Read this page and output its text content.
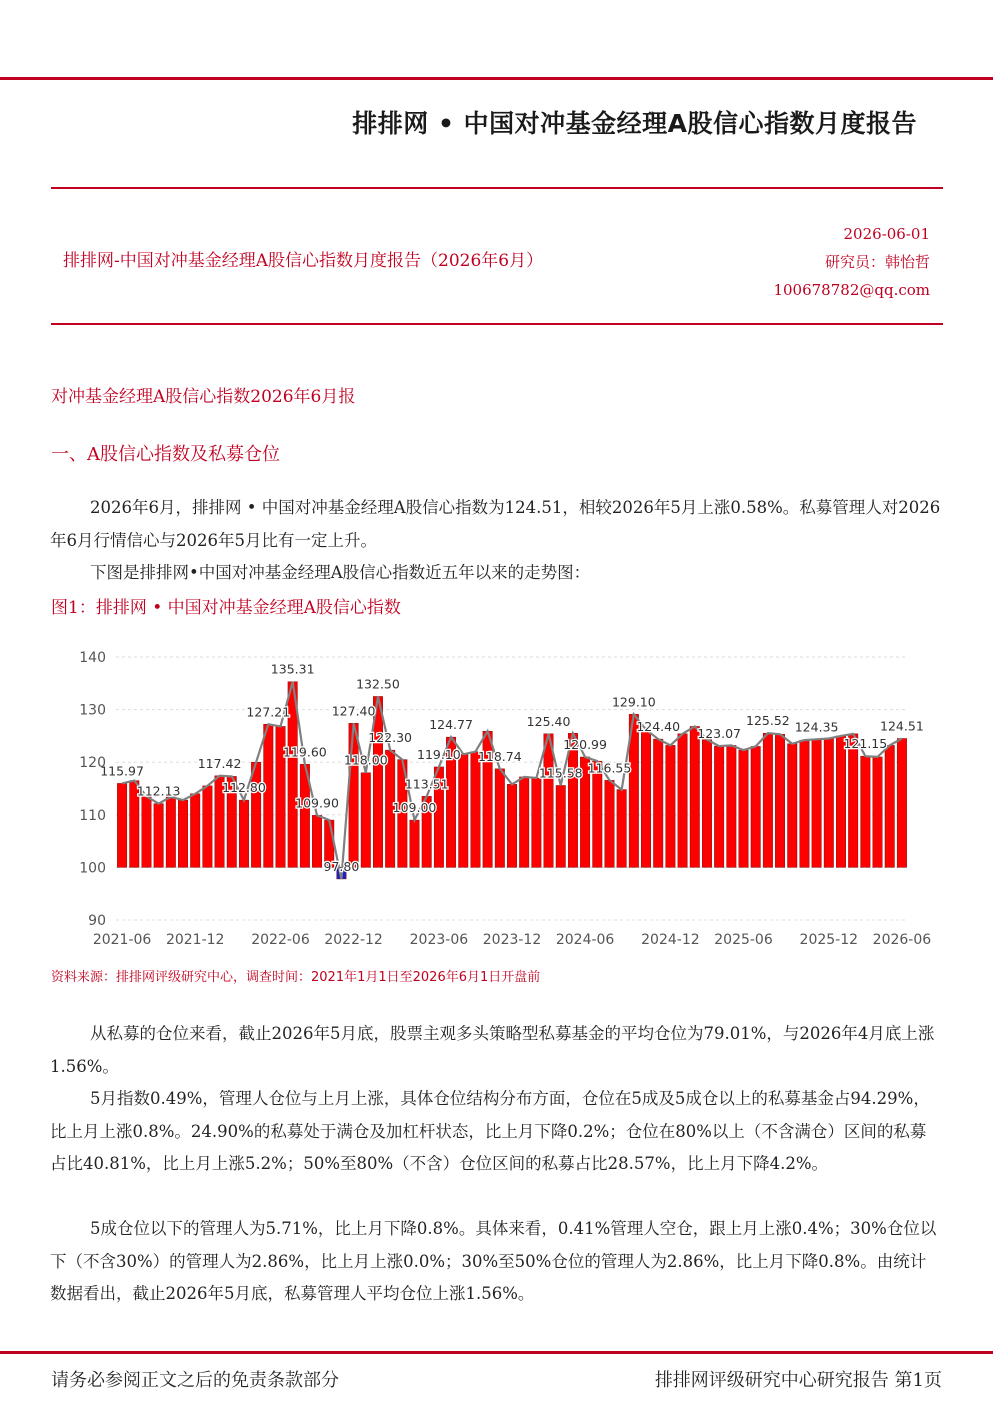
排排网 • 中国对冲基金经理A股信心指数月度报告
排排网-中国对冲基金经理A股信心指数月度报告（2026年6月）
2026-06-01
研究员：韩怡哲
100678782@qq.com
对冲基金经理A股信心指数2026年6月报
一、A股信心指数及私募仓位

2026年6月，排排网 • 中国对冲基金经理A股信心指数为124.51，相较2026年5月上涨0.58%。私募管理人对2026年6月行情信心与2026年5月比有一定上升。

下图是排排网•中国对冲基金经理A股信心指数近五年以来的走势图：

图1：排排网 • 中国对冲基金经理A股信心指数
115.97
112.13
117.42
112.80
127.21
135.31
119.60
109.90
97.80
127.40
118.00
132.50
122.30
109.00
113.51
119.10
124.77
118.74
125.40
115.58
120.99
116.55
129.10
124.40 123.07
125.52 124.35
121.15
124.51
90
100
110
120
130
140
2021-06 2021-12 2022-06 2022-12 2023-06 2023-12 2024-06 2024-12 2025-06 2025-12 2026-06
资料来源：排排网评级研究中心，调查时间：2021年1月1日至2026年6月1日开盘前

从私募的仓位来看，截止2026年5月底，股票主观多头策略型私募基金的平均仓位为79.01%，与2026年4月底上涨1.56%。

5月指数0.49%，管理人仓位与上月上涨，具体仓位结构分布方面，仓位在5成及5成仓以上的私募基金占94.29%，比上月上涨0.8%。24.90%的私募处于满仓及加杠杆状态，比上月下降0.2%；仓位在80%以上（不含满仓）区间的私募占比40.81%，比上月上涨5.2%；50%至80%（不含）仓位区间的私募占比28.57%，比上月下降4.2%。

5成仓位以下的管理人为5.71%，比上月下降0.8%。具体来看，0.41%管理人空仓，跟上月上涨0.4%；30%仓位以下（不含30%）的管理人为2.86%，比上月上涨0.0%；30%至50%仓位的管理人为2.86%，比上月下降0.8%。由统计数据看出，截止2026年5月底，私募管理人平均仓位上涨1.56%。

请务必参阅正文之后的免责条款部分	排排网评级研究中心研究报告 第1页
